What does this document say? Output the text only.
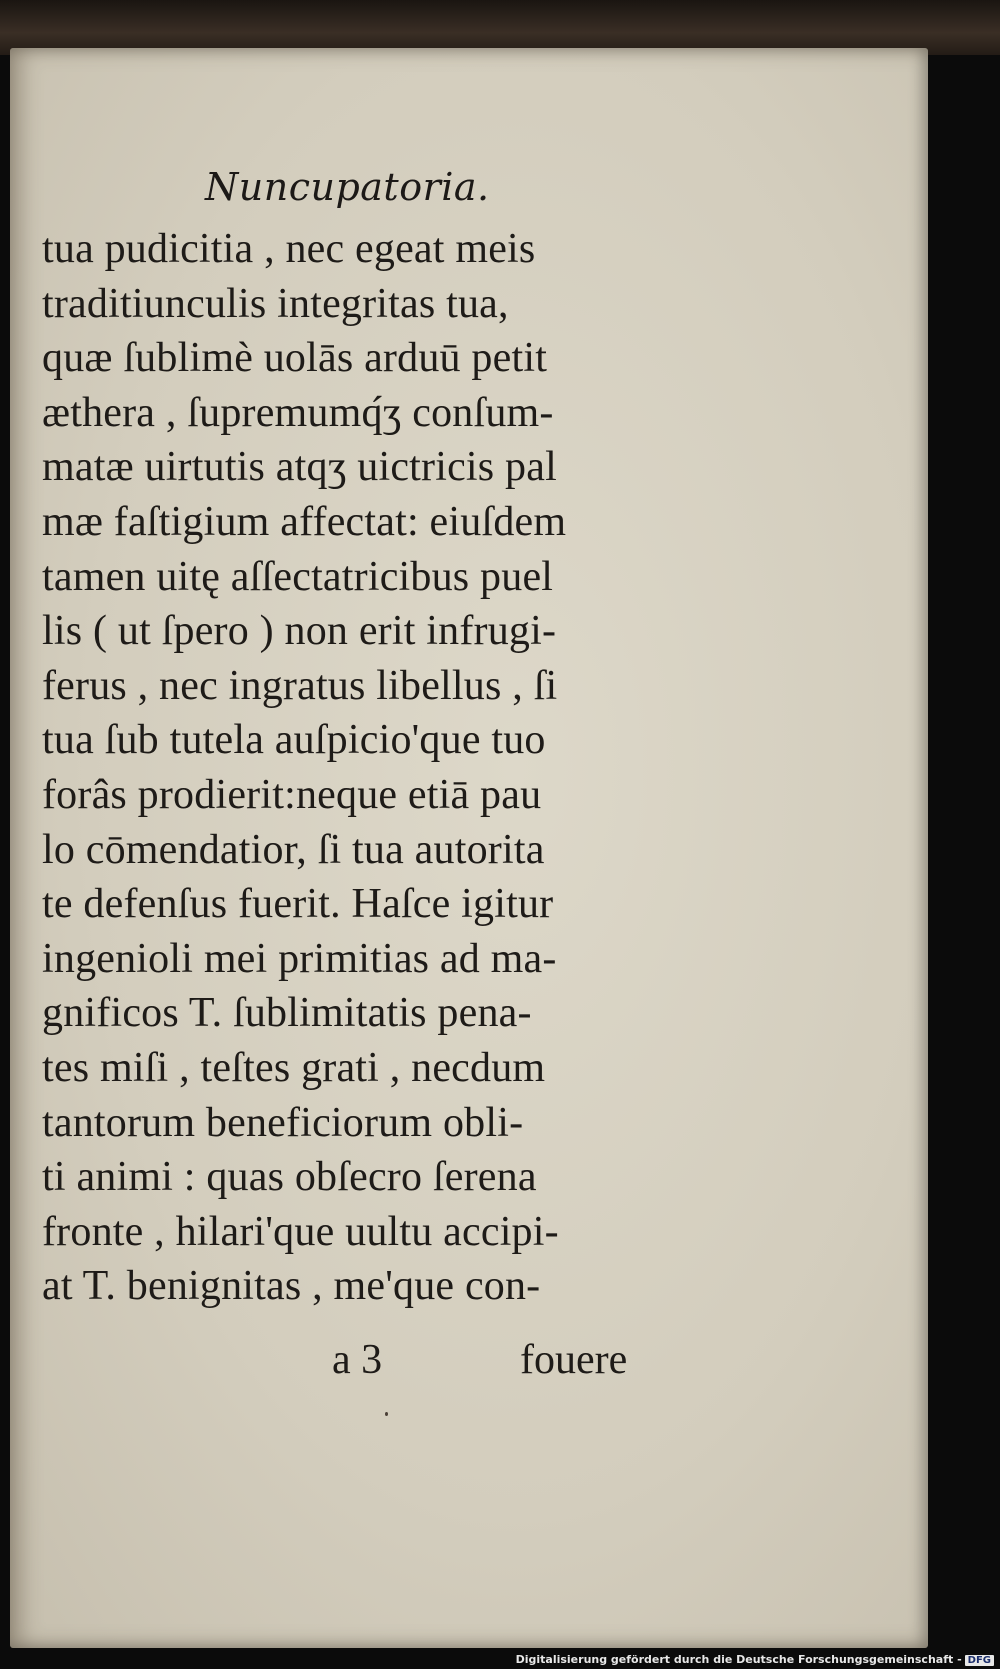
Nuncupatoria.
tua pudicitia , nec egeat meis
traditiunculis integritas tua,
quæ ſublimè uolās arduū petit
æthera , ſupremumq́ʒ conſum-
matæ uirtutis atqʒ uictricis pal
mæ faſtigium affectat: eiuſdem
tamen uitę aſſectatricibus puel
lis ( ut ſpero ) non erit infrugi-
ferus , nec ingratus libellus , ſi
tua ſub tutela auſpicio'que tuo
forâs prodierit:neque etiā pau
lo cōmendatior, ſi tua autorita
te defenſus fuerit. Haſce igitur
ingenioli mei primitias ad ma-
gnificos T. ſublimitatis pena-
tes miſi , teſtes grati , necdum
tantorum beneficiorum obli-
ti animi : quas obſecro ſerena
fronte , hilari'que uultu accipi-
at T. benignitas , me'que con-
a 3	fouere
Digitalisierung gefördert durch die Deutsche Forschungsgemeinschaft - DFG
